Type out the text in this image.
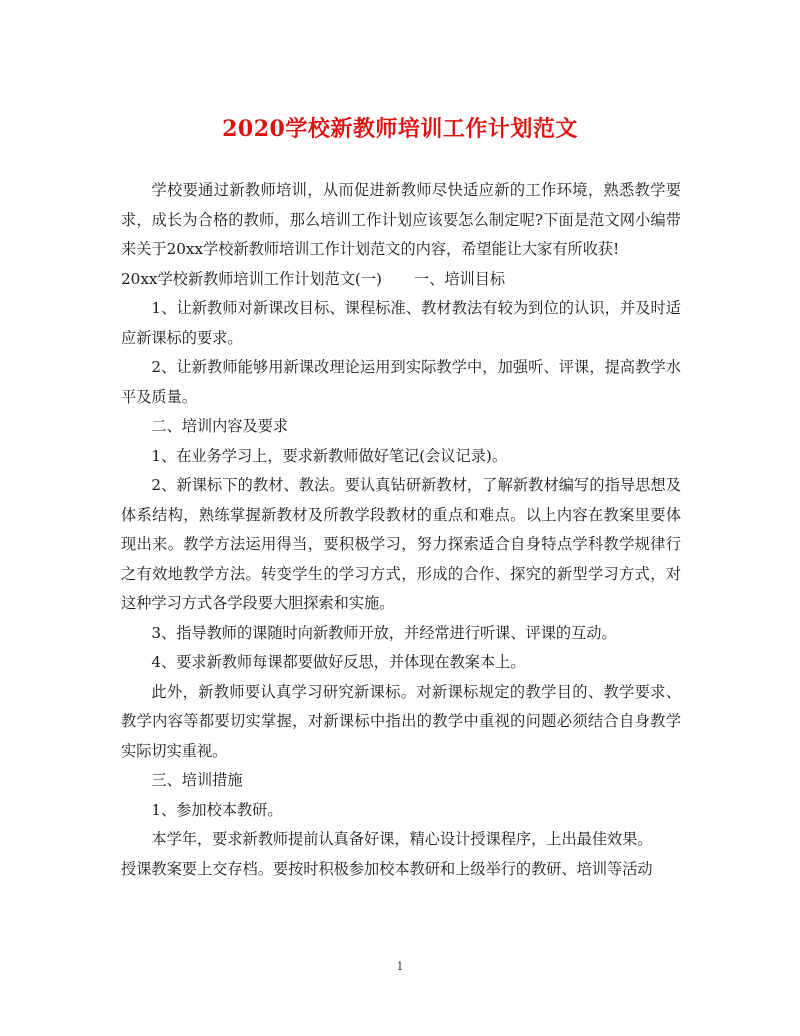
2020学校新教师培训工作计划范文

学校要通过新教师培训，从而促进新教师尽快适应新的工作环境，熟悉教学要求，成长为合格的教师，那么培训工作计划应该要怎么制定呢?下面是范文网小编带来关于20xx学校新教师培训工作计划范文的内容，希望能让大家有所收获!

20xx学校新教师培训工作计划范文(一) 一、培训目标

1、让新教师对新课改目标、课程标准、教材教法有较为到位的认识，并及时适应新课标的要求。

2、让新教师能够用新课改理论运用到实际教学中，加强听、评课，提高教学水平及质量。

二、培训内容及要求

1、在业务学习上，要求新教师做好笔记(会议记录)。

2、新课标下的教材、教法。要认真钻研新教材，了解新教材编写的指导思想及体系结构，熟练掌握新教材及所教学段教材的重点和难点。以上内容在教案里要体现出来。教学方法运用得当，要积极学习，努力探索适合自身特点学科教学规律行之有效地教学方法。转变学生的学习方式，形成的合作、探究的新型学习方式，对这种学习方式各学段要大胆探索和实施。

3、指导教师的课随时向新教师开放，并经常进行听课、评课的互动。

4、要求新教师每课都要做好反思，并体现在教案本上。

此外，新教师要认真学习研究新课标。对新课标规定的教学目的、教学要求、教学内容等都要切实掌握，对新课标中指出的教学中重视的问题必须结合自身教学实际切实重视。

三、培训措施

1、参加校本教研。

本学年，要求新教师提前认真备好课，精心设计授课程序，上出最佳效果。

授课教案要上交存档。要按时积极参加校本教研和上级举行的教研、培训等活动

1
